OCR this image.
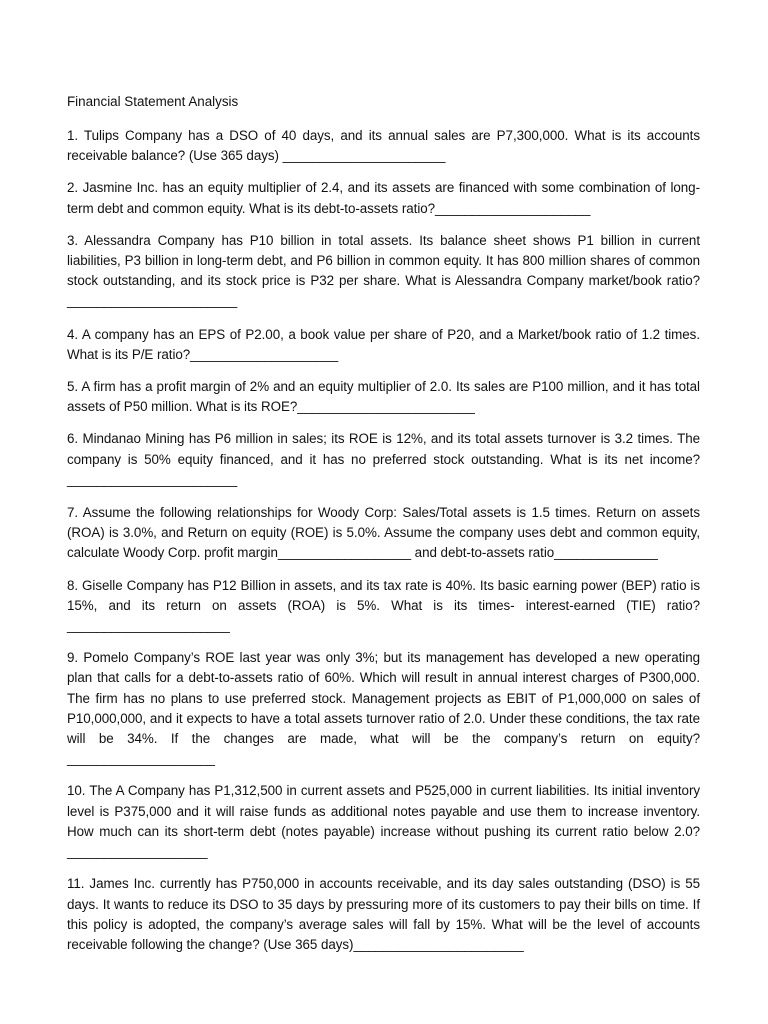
Financial Statement Analysis

1. Tulips Company has a DSO of 40 days, and its annual sales are P7,300,000. What is its accounts receivable balance? (Use 365 days) ______________________

2. Jasmine Inc. has an equity multiplier of 2.4, and its assets are financed with some combination of long-term debt and common equity. What is its debt-to-assets ratio?_____________________

3. Alessandra Company has P10 billion in total assets. Its balance sheet shows P1 billion in current liabilities, P3 billion in long-term debt, and P6 billion in common equity. It has 800 million shares of common stock outstanding, and its stock price is P32 per share. What is Alessandra Company market/book ratio? _______________________

4. A company has an EPS of P2.00, a book value per share of P20, and a Market/book ratio of 1.2 times. What is its P/E ratio?____________________

5. A firm has a profit margin of 2% and an equity multiplier of 2.0. Its sales are P100 million, and it has total assets of P50 million. What is its ROE?________________________

6. Mindanao Mining has P6 million in sales; its ROE is 12%, and its total assets turnover is 3.2 times. The company is 50% equity financed, and it has no preferred stock outstanding. What is its net income? _______________________

7. Assume the following relationships for Woody Corp: Sales/Total assets is 1.5 times. Return on assets (ROA) is 3.0%, and Return on equity (ROE) is 5.0%. Assume the company uses debt and common equity, calculate Woody Corp. profit margin__________________ and debt-to-assets ratio______________

8. Giselle Company has P12 Billion in assets, and its tax rate is 40%. Its basic earning power (BEP) ratio is 15%, and its return on assets (ROA) is 5%. What is its times- interest-earned (TIE) ratio?______________________

9. Pomelo Company’s ROE last year was only 3%; but its management has developed a new operating plan that calls for a debt-to-assets ratio of 60%. Which will result in annual interest charges of P300,000. The firm has no plans to use preferred stock. Management projects as EBIT of P1,000,000 on sales of P10,000,000, and it expects to have a total assets turnover ratio of 2.0. Under these conditions, the tax rate will be 34%. If the changes are made, what will be the company’s return on equity?____________________

10. The A Company has P1,312,500 in current assets and P525,000 in current liabilities. Its initial inventory level is P375,000 and it will raise funds as additional notes payable and use them to increase inventory. How much can its short-term debt (notes payable) increase without pushing its current ratio below 2.0? ___________________

11. James Inc. currently has P750,000 in accounts receivable, and its day sales outstanding (DSO) is 55 days. It wants to reduce its DSO to 35 days by pressuring more of its customers to pay their bills on time. If this policy is adopted, the company’s average sales will fall by 15%. What will be the level of accounts receivable following the change? (Use 365 days)_______________________
